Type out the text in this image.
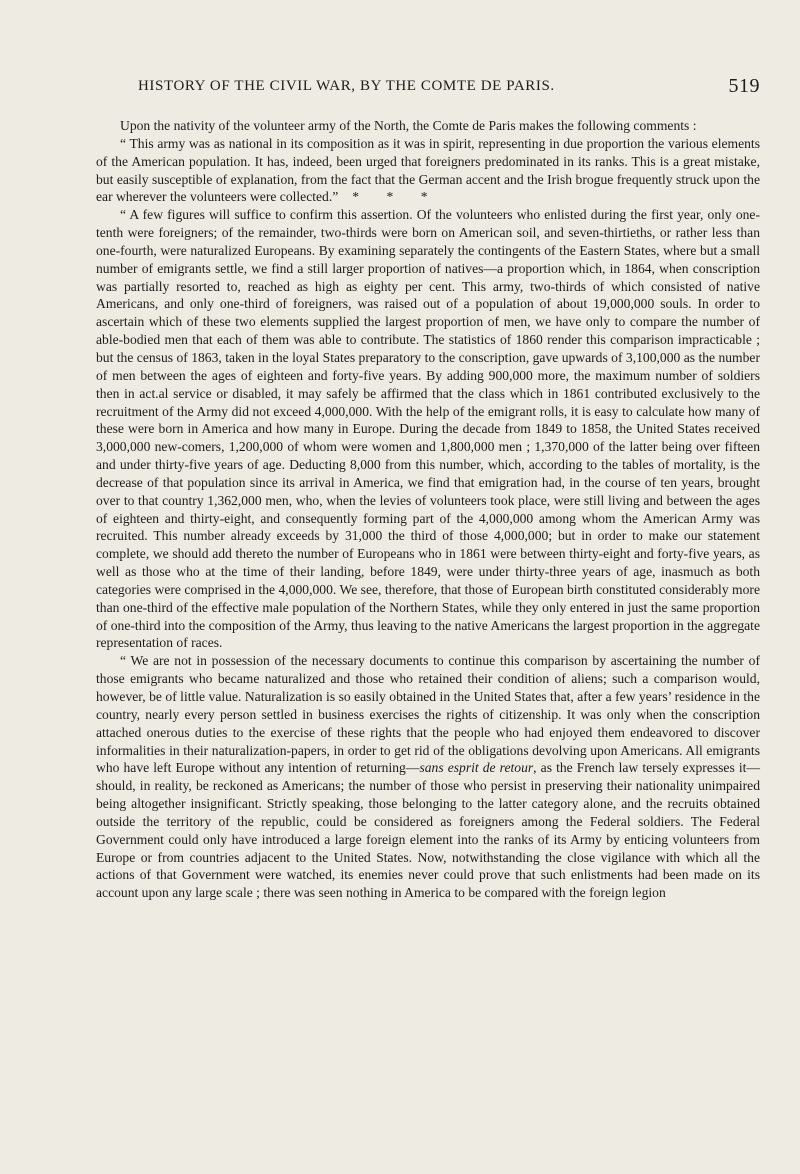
HISTORY OF THE CIVIL WAR, BY THE COMTE DE PARIS.	519

Upon the nativity of the volunteer army of the North, the Comte de Paris makes the following comments :

“ This army was as national in its composition as it was in spirit, representing in due proportion the various elements of the American population. It has, indeed, been urged that foreigners predominated in its ranks. This is a great mistake, but easily susceptible of explanation, from the fact that the German accent and the Irish brogue frequently struck upon the ear wherever the volunteers were collected.” * * *

“ A few figures will suffice to confirm this assertion. Of the volunteers who enlisted during the first year, only one-tenth were foreigners; of the remainder, two-thirds were born on American soil, and seven-thirtieths, or rather less than one-fourth, were naturalized Europeans. By examining separately the contingents of the Eastern States, where but a small number of emigrants settle, we find a still larger proportion of natives—a proportion which, in 1864, when conscription was partially resorted to, reached as high as eighty per cent. This army, two-thirds of which consisted of native Americans, and only one-third of foreigners, was raised out of a population of about 19,000,000 souls. In order to ascertain which of these two elements supplied the largest proportion of men, we have only to compare the number of able-bodied men that each of them was able to contribute. The statistics of 1860 render this comparison impracticable ; but the census of 1863, taken in the loyal States preparatory to the conscription, gave upwards of 3,100,000 as the number of men between the ages of eighteen and forty-five years. By adding 900,000 more, the maximum number of soldiers then in act.al service or disabled, it may safely be affirmed that the class which in 1861 contributed exclusively to the recruitment of the Army did not exceed 4,000,000. With the help of the emigrant rolls, it is easy to calculate how many of these were born in America and how many in Europe. During the decade from 1849 to 1858, the United States received 3,000,000 new-comers, 1,200,000 of whom were women and 1,800,000 men ; 1,370,000 of the latter being over fifteen and under thirty-five years of age. Deducting 8,000 from this number, which, according to the tables of mortality, is the decrease of that population since its arrival in America, we find that emigration had, in the course of ten years, brought over to that country 1,362,000 men, who, when the levies of volunteers took place, were still living and between the ages of eighteen and thirty-eight, and consequently forming part of the 4,000,000 among whom the American Army was recruited. This number already exceeds by 31,000 the third of those 4,000,000; but in order to make our statement complete, we should add thereto the number of Europeans who in 1861 were between thirty-eight and forty-five years, as well as those who at the time of their landing, before 1849, were under thirty-three years of age, inasmuch as both categories were comprised in the 4,000,000. We see, therefore, that those of European birth constituted considerably more than one-third of the effective male population of the Northern States, while they only entered in just the same proportion of one-third into the composition of the Army, thus leaving to the native Americans the largest proportion in the aggregate representation of races.

“ We are not in possession of the necessary documents to continue this comparison by ascertaining the number of those emigrants who became naturalized and those who retained their condition of aliens; such a comparison would, however, be of little value. Naturalization is so easily obtained in the United States that, after a few years’ residence in the country, nearly every person settled in business exercises the rights of citizenship. It was only when the conscription attached onerous duties to the exercise of these rights that the people who had enjoyed them endeavored to discover informalities in their naturalization-papers, in order to get rid of the obligations devolving upon Americans. All emigrants who have left Europe without any intention of returning—sans esprit de retour, as the French law tersely expresses it—should, in reality, be reckoned as Americans; the number of those who persist in preserving their nationality unimpaired being altogether insignificant. Strictly speaking, those belonging to the latter category alone, and the recruits obtained outside the territory of the republic, could be considered as foreigners among the Federal soldiers. The Federal Government could only have introduced a large foreign element into the ranks of its Army by enticing volunteers from Europe or from countries adjacent to the United States. Now, notwithstanding the close vigilance with which all the actions of that Government were watched, its enemies never could prove that such enlistments had been made on its account upon any large scale ; there was seen nothing in America to be compared with the foreign legion
